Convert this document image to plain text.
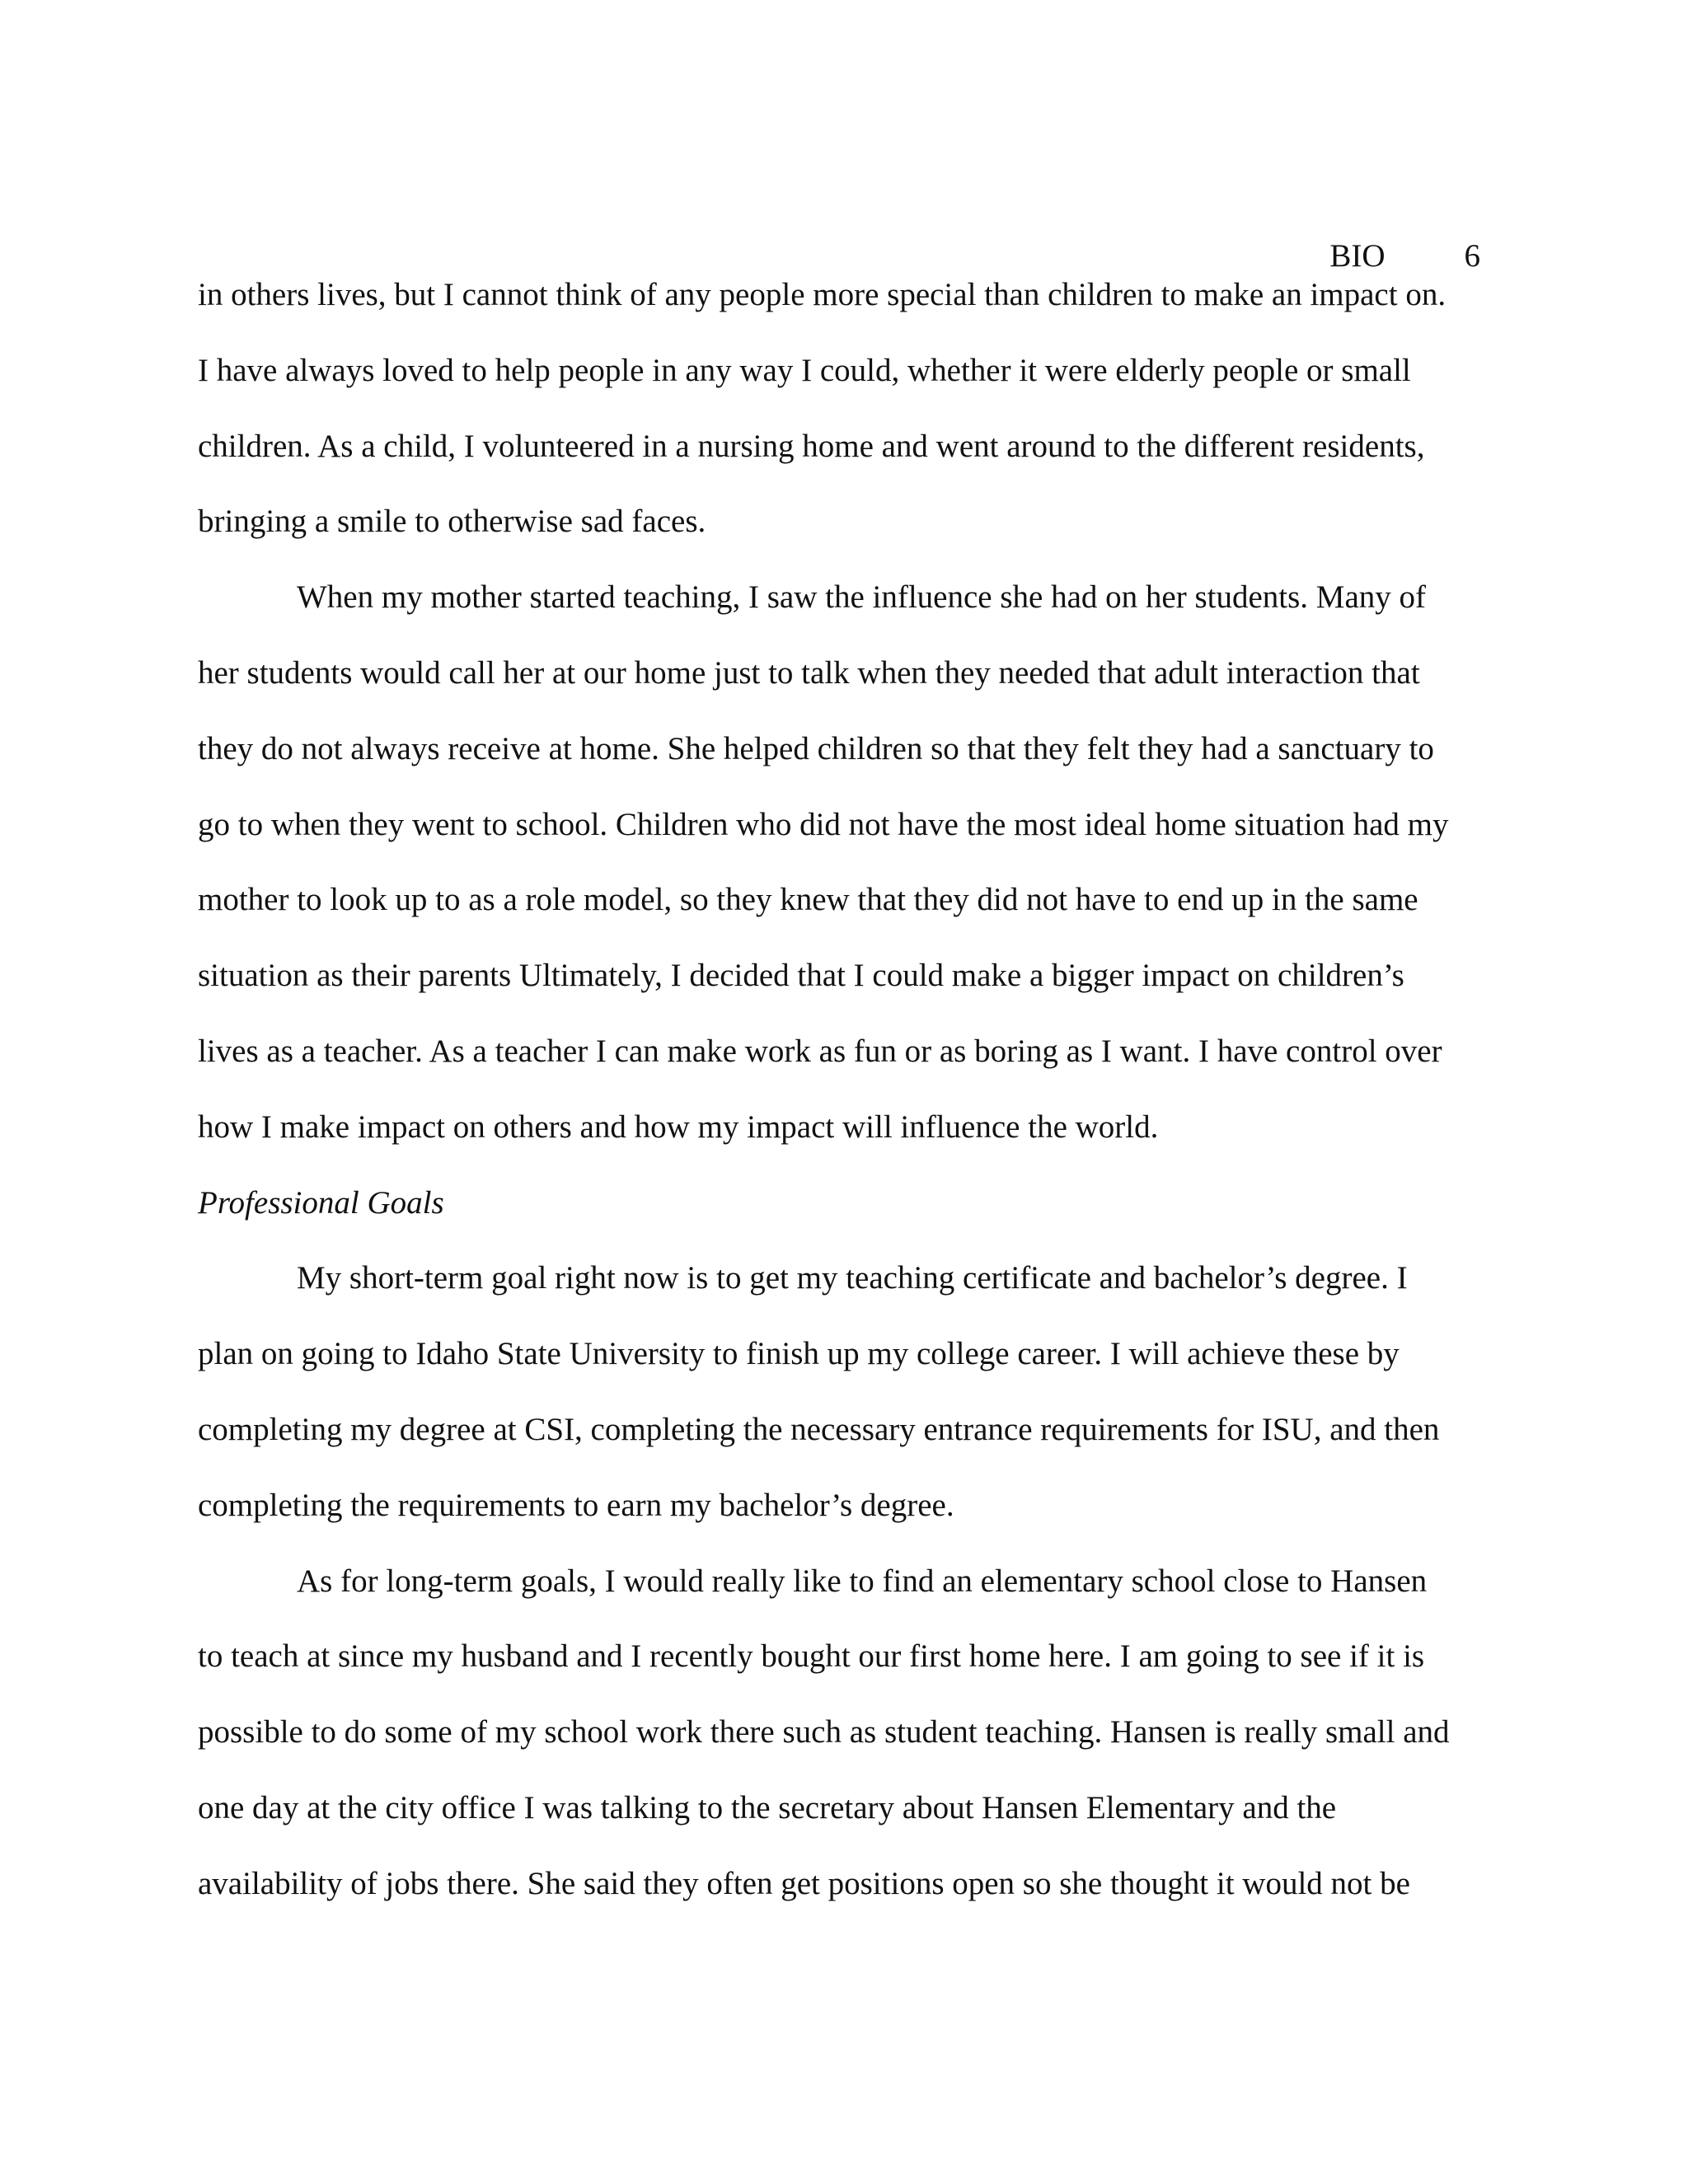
BIO 6
in others lives, but I cannot think of any people more special than children to make an impact on.
I have always loved to help people in any way I could, whether it were elderly people or small
children. As a child, I volunteered in a nursing home and went around to the different residents,
bringing a smile to otherwise sad faces.
When my mother started teaching, I saw the influence she had on her students. Many of
her students would call her at our home just to talk when they needed that adult interaction that
they do not always receive at home. She helped children so that they felt they had a sanctuary to
go to when they went to school. Children who did not have the most ideal home situation had my
mother to look up to as a role model, so they knew that they did not have to end up in the same
situation as their parents Ultimately, I decided that I could make a bigger impact on children’s
lives as a teacher. As a teacher I can make work as fun or as boring as I want. I have control over
how I make impact on others and how my impact will influence the world.
Professional Goals
My short-term goal right now is to get my teaching certificate and bachelor’s degree. I
plan on going to Idaho State University to finish up my college career. I will achieve these by
completing my degree at CSI, completing the necessary entrance requirements for ISU, and then
completing the requirements to earn my bachelor’s degree.
As for long-term goals, I would really like to find an elementary school close to Hansen
to teach at since my husband and I recently bought our first home here. I am going to see if it is
possible to do some of my school work there such as student teaching. Hansen is really small and
one day at the city office I was talking to the secretary about Hansen Elementary and the
availability of jobs there. She said they often get positions open so she thought it would not be
